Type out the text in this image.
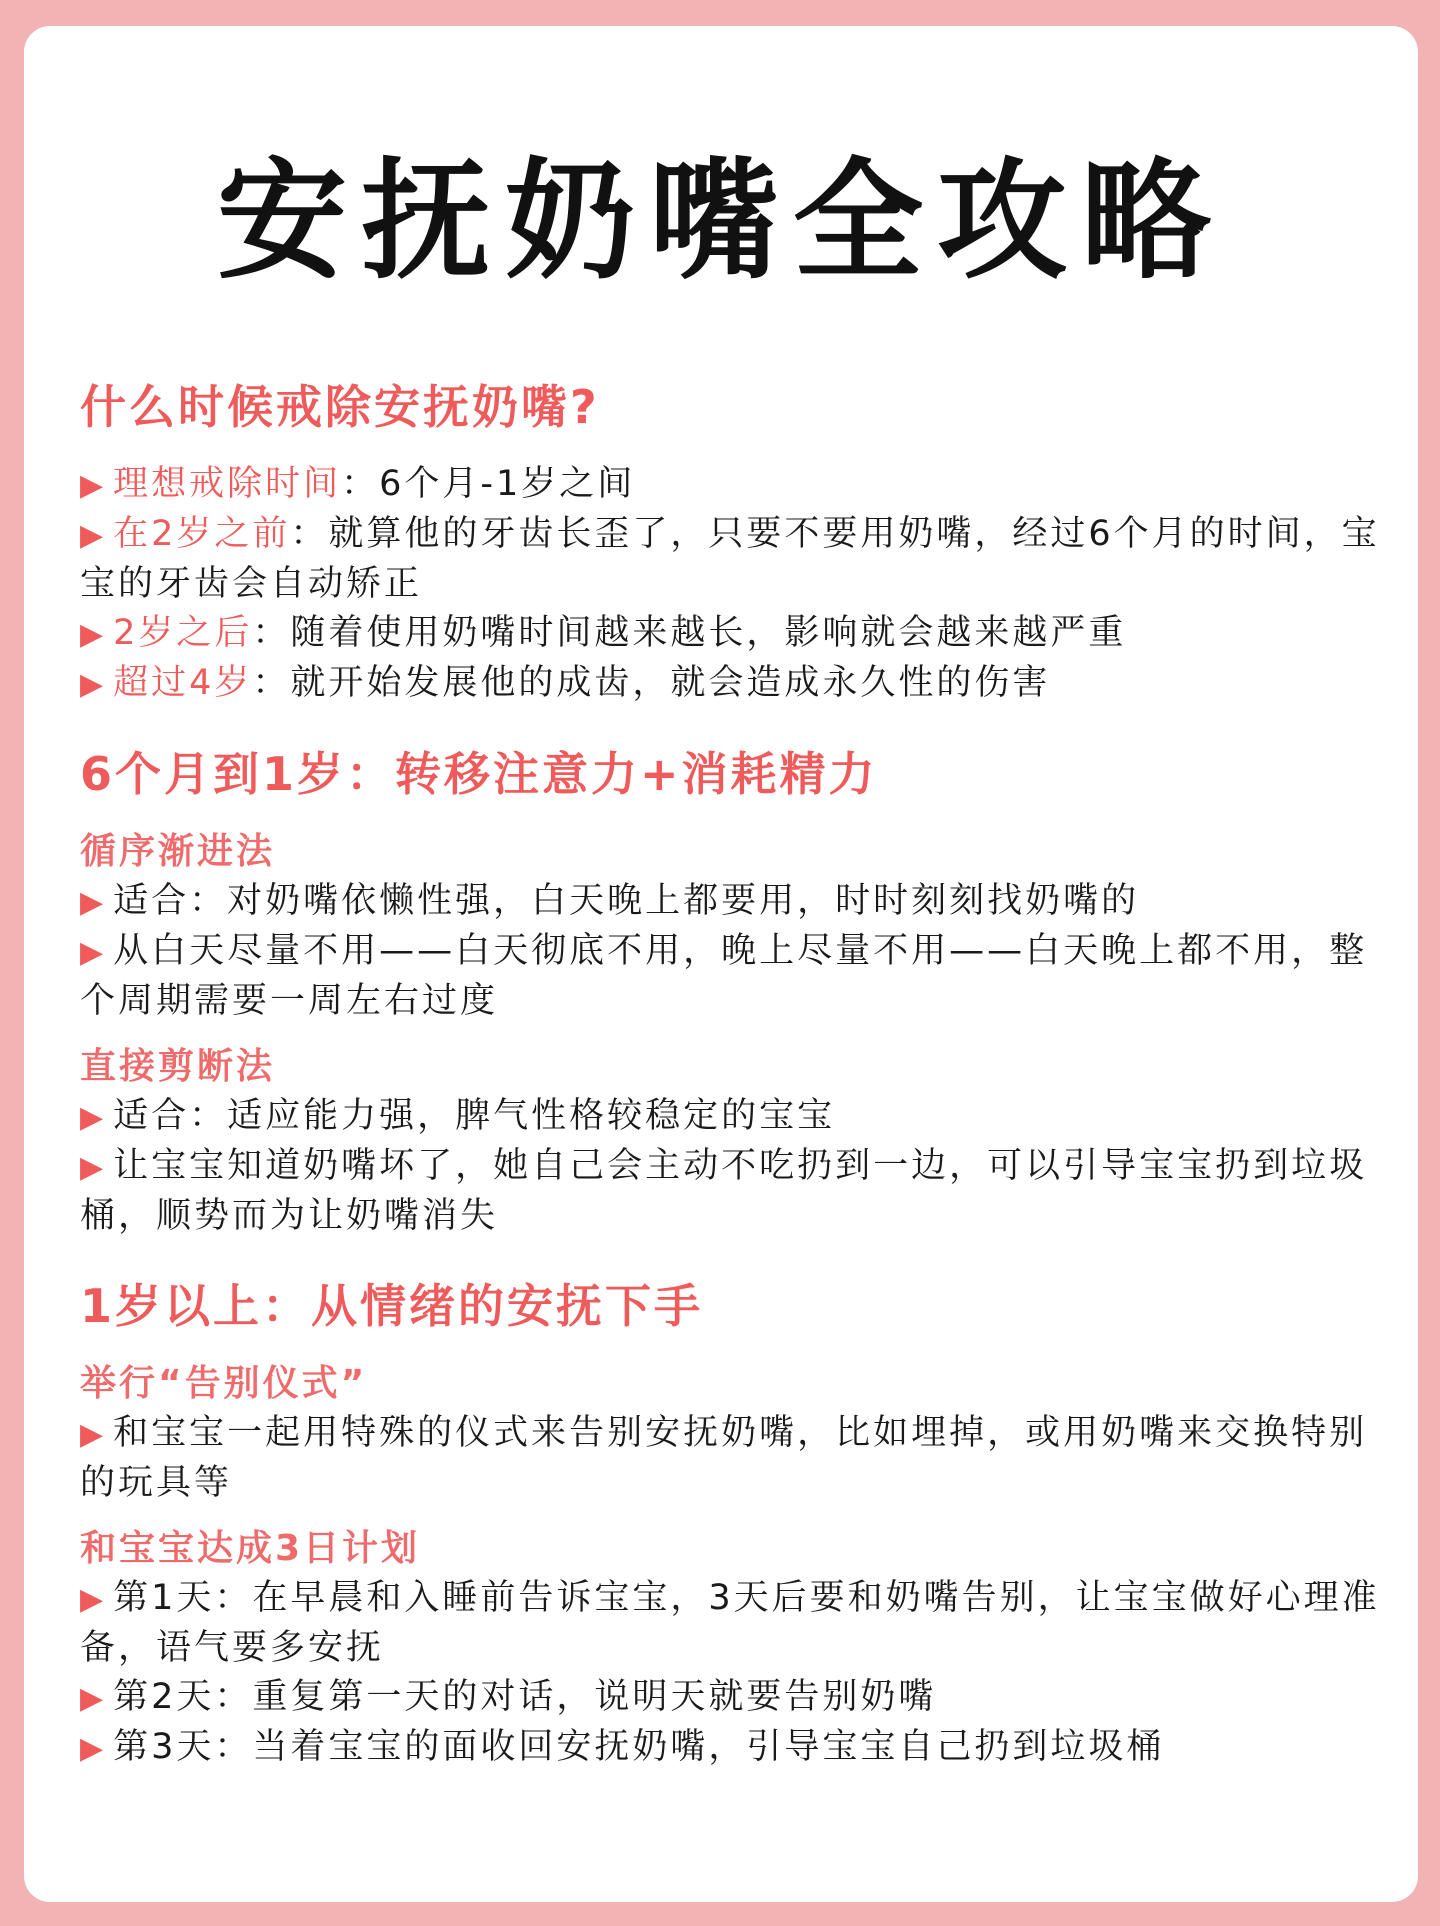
安抚奶嘴全攻略
什么时候戒除安抚奶嘴?
▶ 理想戒除时间：6个月-1岁之间
▶ 在2岁之前：就算他的牙齿长歪了，只要不要用奶嘴，经过6个月的时间，宝宝的牙齿会自动矫正
▶ 2岁之后：随着使用奶嘴时间越来越长，影响就会越来越严重
▶ 超过4岁：就开始发展他的成齿，就会造成永久性的伤害
6个月到1岁：转移注意力+消耗精力
循序渐进法
▶ 适合：对奶嘴依懒性强，白天晚上都要用，时时刻刻找奶嘴的
▶ 从白天尽量不用——白天彻底不用，晚上尽量不用——白天晚上都不用，整个周期需要一周左右过度
直接剪断法
▶ 适合：适应能力强，脾气性格较稳定的宝宝
▶ 让宝宝知道奶嘴坏了，她自己会主动不吃扔到一边，可以引导宝宝扔到垃圾桶，顺势而为让奶嘴消失
1岁以上：从情绪的安抚下手
举行“告别仪式”
▶ 和宝宝一起用特殊的仪式来告别安抚奶嘴，比如埋掉，或用奶嘴来交换特别的玩具等
和宝宝达成3日计划
▶ 第1天：在早晨和入睡前告诉宝宝，3天后要和奶嘴告别，让宝宝做好心理准备，语气要多安抚
▶ 第2天：重复第一天的对话，说明天就要告别奶嘴
▶ 第3天：当着宝宝的面收回安抚奶嘴，引导宝宝自己扔到垃圾桶
